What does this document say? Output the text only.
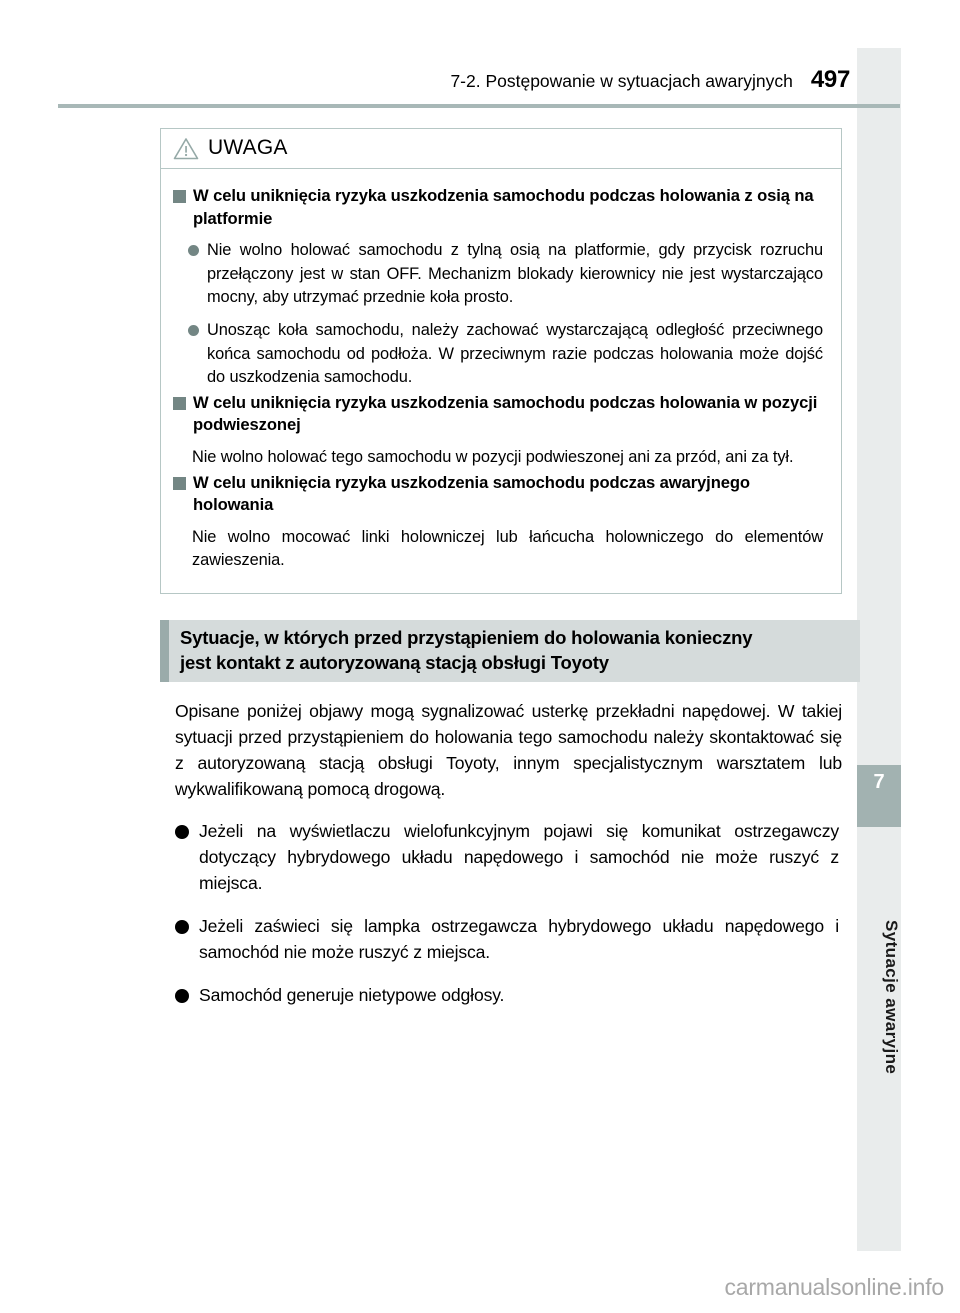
7
Sytuacje awaryjne
7-2. Postępowanie w sytuacjach awaryjnych 497
UWAGA
W celu uniknięcia ryzyka uszkodzenia samochodu podczas holowania z osią na platformie
Nie wolno holować samochodu z tylną osią na platformie, gdy przycisk rozruchu przełączony jest w stan OFF. Mechanizm blokady kierownicy nie jest wystarczająco mocny, aby utrzymać przednie koła prosto.
Unosząc koła samochodu, należy zachować wystarczającą odległość przeciwnego końca samochodu od podłoża. W przeciwnym razie podczas holowania może dojść do uszkodzenia samochodu.
W celu uniknięcia ryzyka uszkodzenia samochodu podczas holowania w pozycji podwieszonej

Nie wolno holować tego samochodu w pozycji podwieszonej ani za przód, ani za tył.

W celu uniknięcia ryzyka uszkodzenia samochodu podczas awaryjnego holowania

Nie wolno mocować linki holowniczej lub łańcucha holowniczego do elementów zawieszenia.

Sytuacje, w których przed przystąpieniem do holowania konieczny
jest kontakt z autoryzowaną stacją obsługi Toyoty

Opisane poniżej objawy mogą sygnalizować usterkę przekładni napędowej. W takiej sytuacji przed przystąpieniem do holowania tego samochodu należy skontaktować się z autoryzowaną stacją obsługi Toyoty, innym specjalistycznym warsztatem lub wykwalifikowaną pomocą drogową.

Jeżeli na wyświetlaczu wielofunkcyjnym pojawi się komunikat ostrzegawczy dotyczący hybrydowego układu napędowego i samochód nie może ruszyć z miejsca.
Jeżeli zaświeci się lampka ostrzegawcza hybrydowego układu napędowego i samochód nie może ruszyć z miejsca.
Samochód generuje nietypowe odgłosy.
carmanualsonline.info
